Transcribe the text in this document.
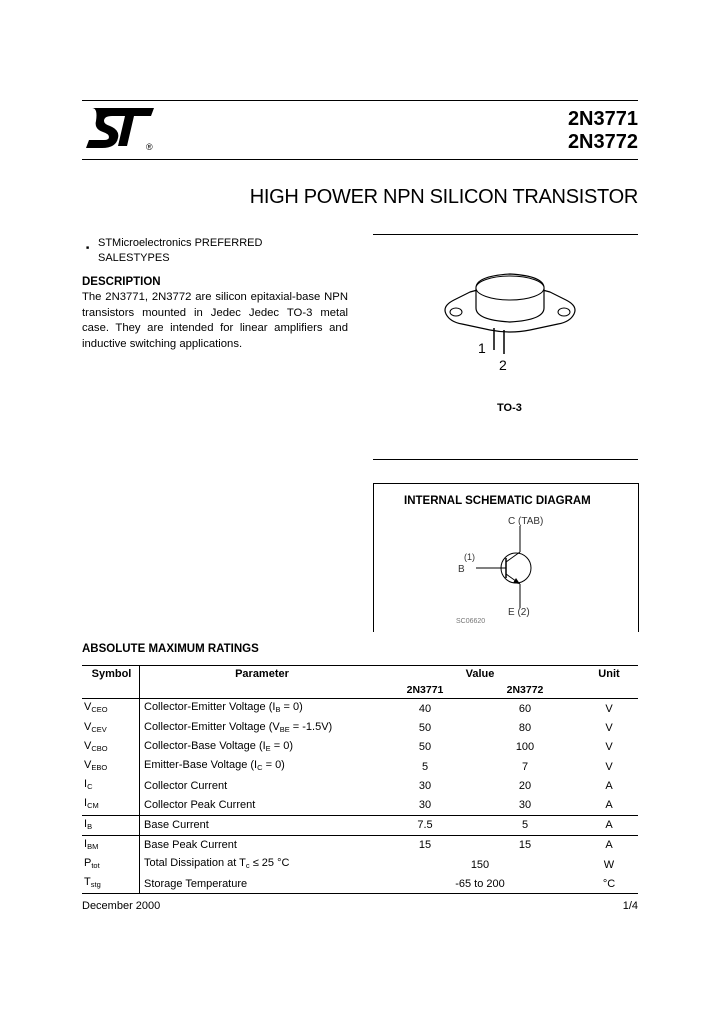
®
2N3771
2N3772
HIGH POWER NPN SILICON TRANSISTOR
■ STMicroelectronics PREFERRED
SALESTYPES
DESCRIPTION
The 2N3771, 2N3772 are silicon epitaxial-base NPN transistors mounted in Jedec Jedec TO-3 metal case. They are intended for linear amplifiers and inductive switching applications.	1
2
TO-3
INTERNAL SCHEMATIC DIAGRAM
C (TAB)
(1)
B
E (2)
SC06620
ABSOLUTE MAXIMUM RATINGS
Symbol	Parameter	Value		Unit
		2N3771	2N3772	
$V_{CEO}$	Collector-Emitter Voltage $(I_B = 0)$	40	60	V
$V_{CEV}$	Collector-Emitter Voltage $(V_{BE} = -1.5V)$	50	80	V
$V_{CBO}$	Collector-Base Voltage $(I_E = 0)$	50	100	V
$V_{EBO}$	Emitter-Base Voltage $(I_C = 0)$	5	7	V
$I_C$	Collector Current	30	20	A
$I_{CM}$	Collector Peak Current	30	30	A
$I_B$	Base Current	7.5	5	A
$I_{BM}$	Base Peak Current	15	15	A
$P_{tot}$	Total Dissipation at $T_c \le 25$ °C	150		W
$T_{stg}$	Storage Temperature	-65 to 200		°C
December 2000	1/4
